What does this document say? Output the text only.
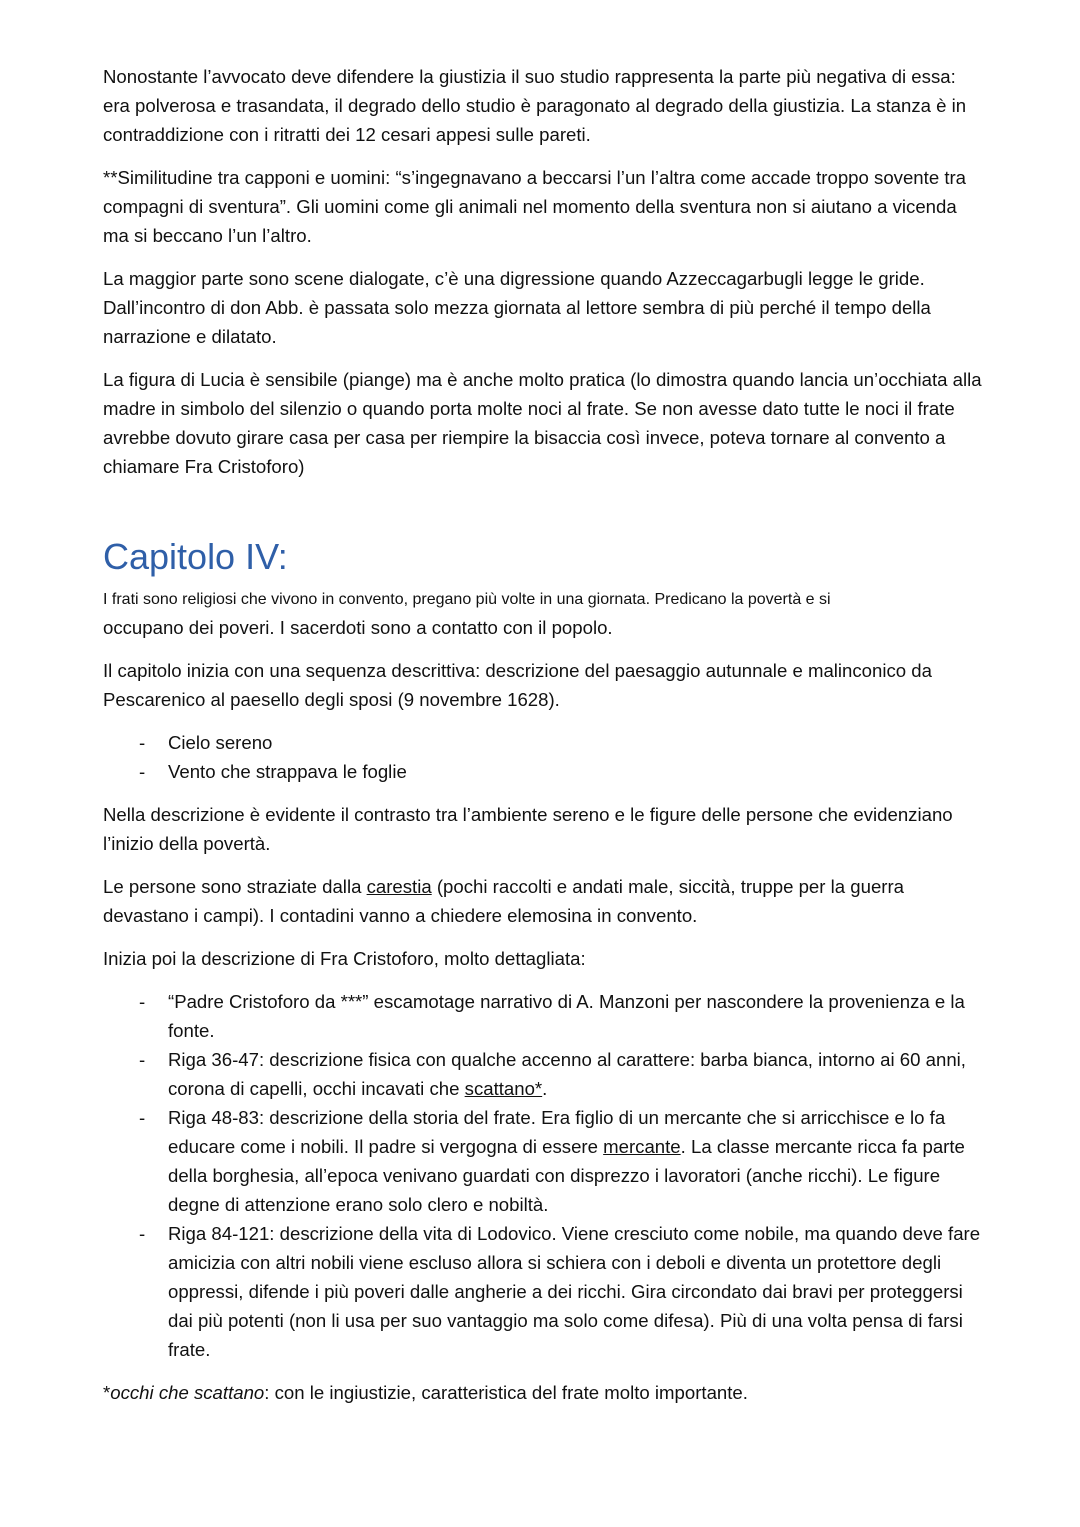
Nonostante l’avvocato deve difendere la giustizia il suo studio rappresenta la parte più negativa di essa: era polverosa e trasandata, il degrado dello studio è paragonato al degrado della giustizia. La stanza è in contraddizione con i ritratti dei 12 cesari appesi sulle pareti.

**Similitudine tra capponi e uomini: “s’ingegnavano a beccarsi l’un l’altra come accade troppo sovente tra compagni di sventura”. Gli uomini come gli animali nel momento della sventura non si aiutano a vicenda ma si beccano l’un l’altro.

La maggior parte sono scene dialogate, c’è una digressione quando Azzeccagarbugli legge le gride. Dall’incontro di don Abb. è passata solo mezza giornata al lettore sembra di più perché il tempo della narrazione e dilatato.

La figura di Lucia è sensibile (piange) ma è anche molto pratica (lo dimostra quando lancia un’occhiata alla madre in simbolo del silenzio o quando porta molte noci al frate. Se non avesse dato tutte le noci il frate avrebbe dovuto girare casa per casa per riempire la bisaccia così invece, poteva tornare al convento a chiamare Fra Cristoforo)

Capitolo IV:

I frati sono religiosi che vivono in convento, pregano più volte in una giornata. Predicano la povertà e si
occupano dei poveri. I sacerdoti sono a contatto con il popolo.

Il capitolo inizia con una sequenza descrittiva: descrizione del paesaggio autunnale e malinconico da Pescarenico al paesello degli sposi (9 novembre 1628).

- Cielo sereno
- Vento che strappava le foglie

Nella descrizione è evidente il contrasto tra l’ambiente sereno e le figure delle persone che evidenziano l’inizio della povertà.

Le persone sono straziate dalla carestia (pochi raccolti e andati male, siccità, truppe per la guerra devastano i campi). I contadini vanno a chiedere elemosina in convento.

Inizia poi la descrizione di Fra Cristoforo, molto dettagliata:

- “Padre Cristoforo da ***” escamotage narrativo di A. Manzoni per nascondere la provenienza e la fonte.
- Riga 36-47: descrizione fisica con qualche accenno al carattere: barba bianca, intorno ai 60 anni, corona di capelli, occhi incavati che scattano*.
- Riga 48-83: descrizione della storia del frate. Era figlio di un mercante che si arricchisce e lo fa educare come i nobili. Il padre si vergogna di essere mercante. La classe mercante ricca fa parte della borghesia, all’epoca venivano guardati con disprezzo i lavoratori (anche ricchi). Le figure degne di attenzione erano solo clero e nobiltà.
- Riga 84-121: descrizione della vita di Lodovico. Viene cresciuto come nobile, ma quando deve fare amicizia con altri nobili viene escluso allora si schiera con i deboli e diventa un protettore degli oppressi, difende i più poveri dalle angherie a dei ricchi. Gira circondato dai bravi per proteggersi dai più potenti (non li usa per suo vantaggio ma solo come difesa). Più di una volta pensa di farsi frate.

*occhi che scattano: con le ingiustizie, caratteristica del frate molto importante.
